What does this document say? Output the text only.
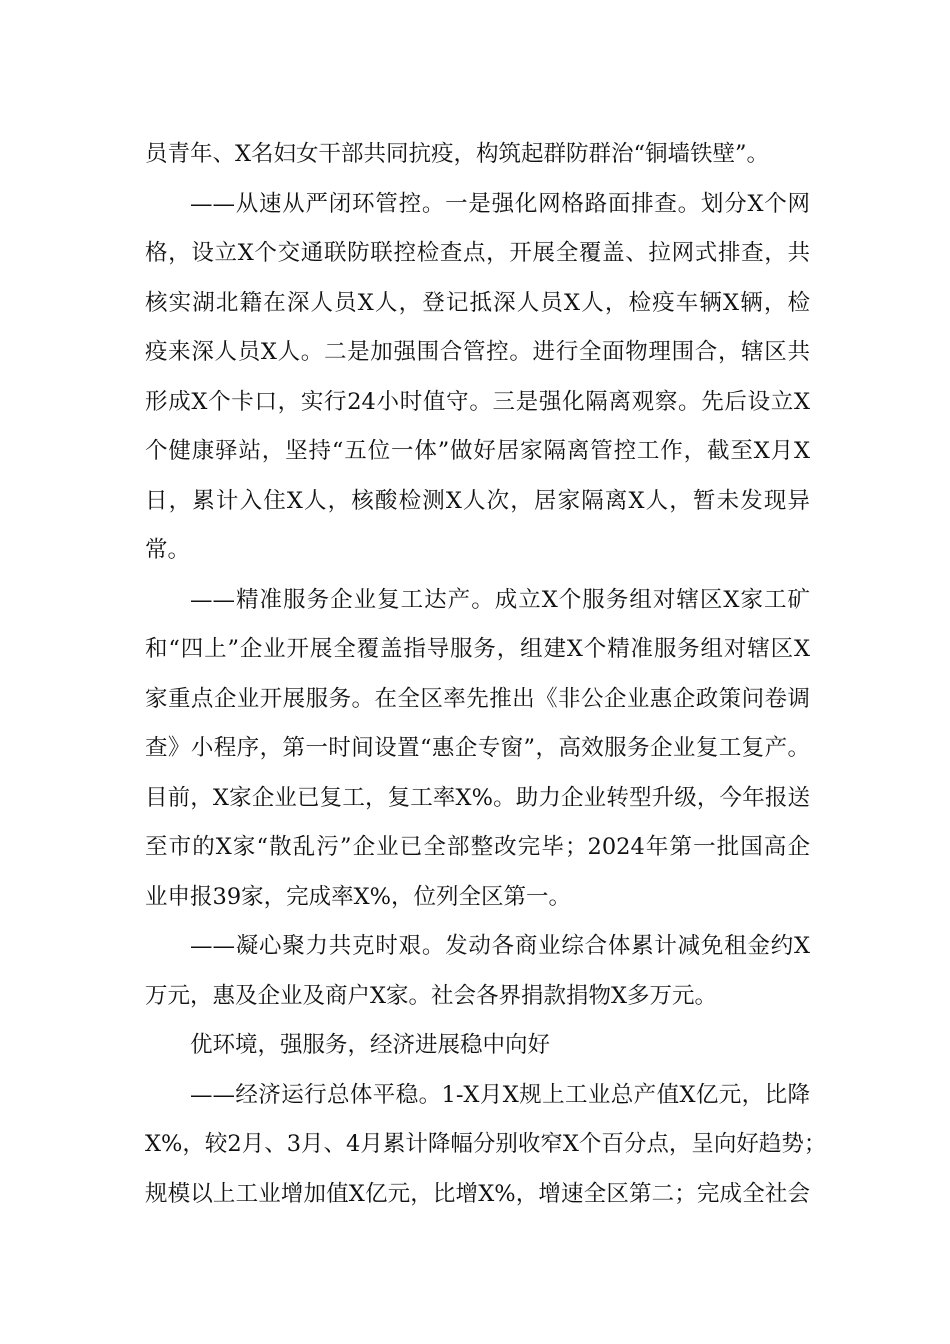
员青年、X名妇女干部共同抗疫，构筑起群防群治“铜墙铁壁”。
——从速从严闭环管控。一是强化网格路面排查。划分X个网
格，设立X个交通联防联控检查点，开展全覆盖、拉网式排查，共
核实湖北籍在深人员X人，登记抵深人员X人，检疫车辆X辆，检
疫来深人员X人。二是加强围合管控。进行全面物理围合，辖区共
形成X个卡口，实行24小时值守。三是强化隔离观察。先后设立X
个健康驿站，坚持“五位一体”做好居家隔离管控工作，截至X月X
日，累计入住X人，核酸检测X人次，居家隔离X人，暂未发现异
常。
——精准服务企业复工达产。成立X个服务组对辖区X家工矿
和“四上”企业开展全覆盖指导服务，组建X个精准服务组对辖区X
家重点企业开展服务。在全区率先推出《非公企业惠企政策问卷调
查》小程序，第一时间设置“惠企专窗”，高效服务企业复工复产。
目前，X家企业已复工，复工率X%。助力企业转型升级，今年报送
至市的X家“散乱污”企业已全部整改完毕；2024年第一批国高企
业申报39家，完成率X%，位列全区第一。
——凝心聚力共克时艰。发动各商业综合体累计减免租金约X
万元，惠及企业及商户X家。社会各界捐款捐物X多万元。
优环境，强服务，经济进展稳中向好
——经济运行总体平稳。1-X月X规上工业总产值X亿元，比降
X%，较2月、3月、4月累计降幅分别收窄X个百分点，呈向好趋势；
规模以上工业增加值X亿元，比增X%，增速全区第二；完成全社会
